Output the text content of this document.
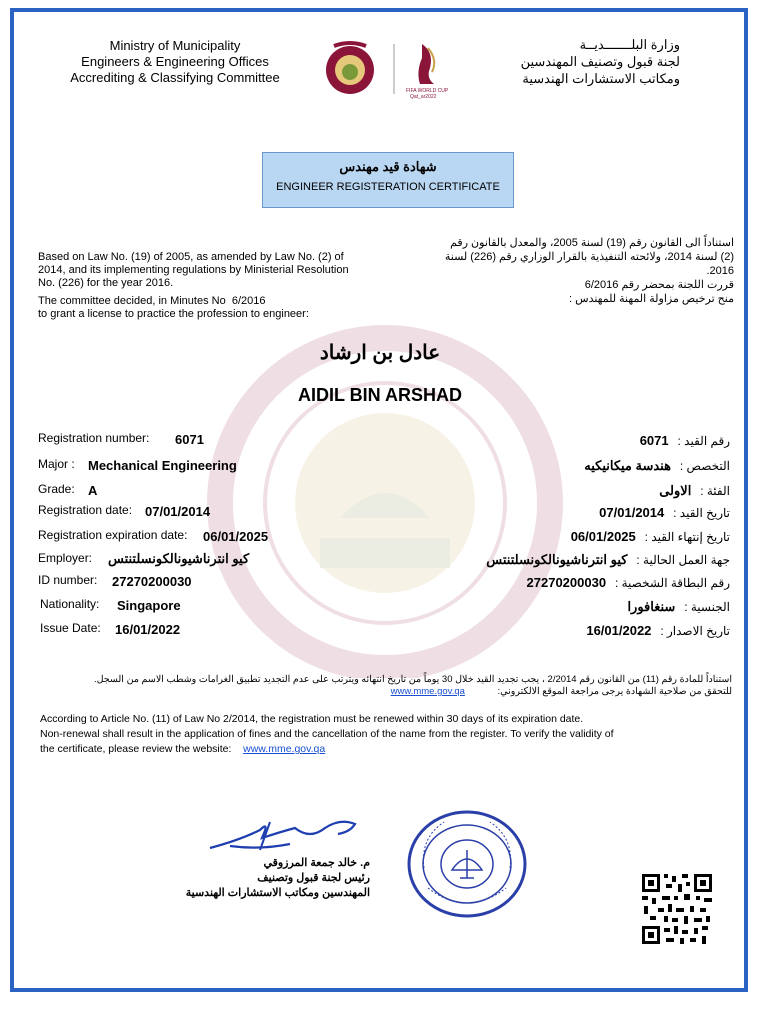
Ministry of Municipality
Engineers & Engineering Offices
Accrediting & Classifying Committee
FIFA WORLD CUP
Qat_ar2022
وزارة البلـــــــديــة
لجنة قبول وتصنيف المهندسين
ومكاتب الاستشارات الهندسية
شهادة قيد مهندس
ENGINEER REGISTERATION CERTIFICATE
Based on Law No. (19) of 2005, as amended by Law No. (2) of 2014, and its implementing regulations by Ministerial Resolution No. (226) for the year 2016.
The committee decided, in Minutes No 6/2016
to grant a license to practice the profession to engineer:
استناداً الى القانون رقم (19) لسنة 2005، والمعدل بالقانون رقم (2) لسنة 2014، ولائحته التنفيذية بالقرار الوزاري رقم (226) لسنة 2016.
قررت اللجنة بمحضر رقم 6/2016
منح ترخيص مزاولة المهنة للمهندس :
عادل بن ارشاد
AIDIL BIN ARSHAD
Registration number: 6071
Major : Mechanical Engineering
Grade: A
Registration date: 07/01/2014
Registration expiration date: 06/01/2025
Employer: كيو انترناشيونالكونسلتنتس
ID number: 27270200030
Nationality: Singapore
Issue Date: 16/01/2022
رقم القيد :  6071
التخصص :  هندسة ميكانيكيه
الفئة :  الاولى
تاريخ القيد :  07/01/2014
تاريخ إنتهاء القيد :  06/01/2025
جهة العمل الحالية :  كيو انترناشيونالكونسلتنتس
رقم البطاقة الشخصية :  27270200030
الجنسية :  سنغافورا
تاريخ الاصدار :  16/01/2022
استناداً للمادة رقم (11) من القانون رقم 2/2014 ، يجب تجديد القيد خلال 30 يوماً من تاريخ انتهائه ويترتب على عدم التجديد تطبيق الغرامات وشطب الاسم من السجل.
للتحقق من صلاحية الشهادة يرجى مراجعة الموقع الالكتروني: www.mme.gov.qa
According to Article No. (11) of Law No 2/2014, the registration must be renewed within 30 days of its expiration date.
Non-renewal shall result in the application of fines and the cancellation of the name from the register. To verify the validity of
the certificate, please review the website: www.mme.gov.qa
م. خالد جمعة المرزوقي
رئيس لجنة قبول وتصنيف
المهندسين ومكاتب الاستشارات الهندسية
